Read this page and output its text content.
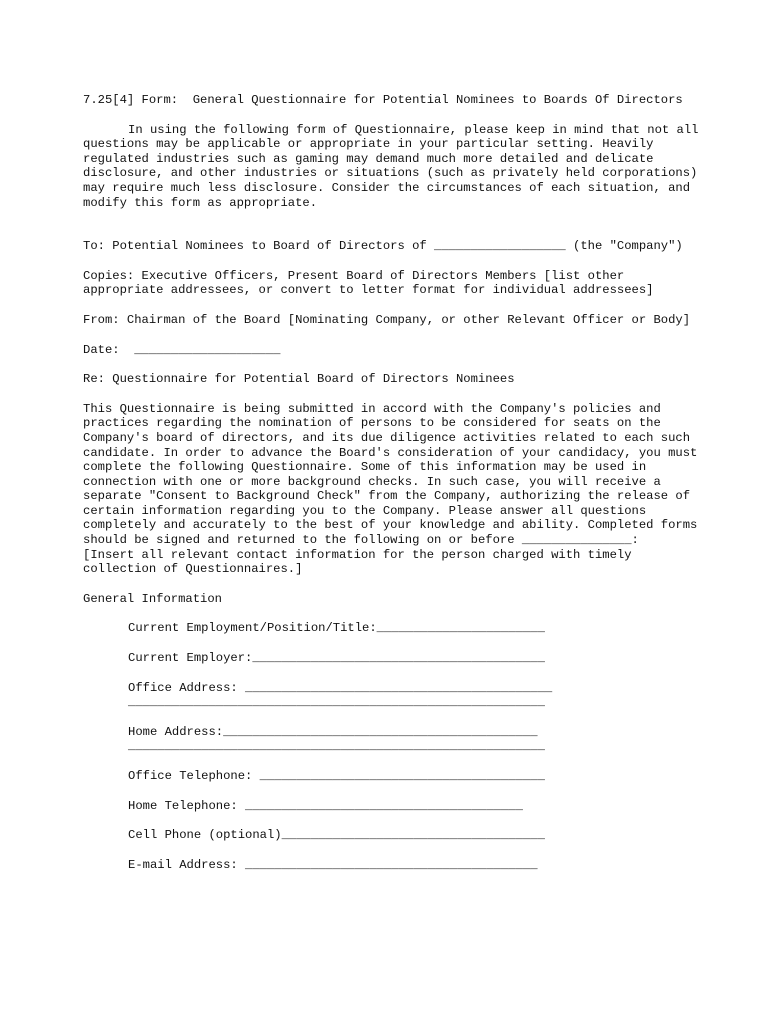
7.25[4] Form:  General Questionnaire for Potential Nominees to Boards Of Directors

In using the following form of Questionnaire, please keep in mind that not all questions may be applicable or appropriate in your particular setting. Heavily regulated industries such as gaming may demand much more detailed and delicate disclosure, and other industries or situations (such as privately held corporations) may require much less disclosure. Consider the circumstances of each situation, and modify this form as appropriate.

To: Potential Nominees to Board of Directors of __________________ (the "Company")

Copies: Executive Officers, Present Board of Directors Members [list other appropriate addressees, or convert to letter format for individual addressees]

From: Chairman of the Board [Nominating Company, or other Relevant Officer or Body]

Date:  ____________________

Re: Questionnaire for Potential Board of Directors Nominees

This Questionnaire is being submitted in accord with the Company's policies and practices regarding the nomination of persons to be considered for seats on the Company's board of directors, and its due diligence activities related to each such candidate. In order to advance the Board's consideration of your candidacy, you must complete the following Questionnaire. Some of this information may be used in connection with one or more background checks. In such case, you will receive a separate "Consent to Background Check" from the Company, authorizing the release of certain information regarding you to the Company. Please answer all questions completely and accurately to the best of your knowledge and ability. Completed forms should be signed and returned to the following on or before _______________:

[Insert all relevant contact information for the person charged with timely collection of Questionnaires.]

General Information

Current Employment/Position/Title:_______________________

Current Employer:________________________________________

Office Address: __________________________________________

_________________________________________________________

Home Address:___________________________________________

_________________________________________________________

Office Telephone: _______________________________________

Home Telephone: ______________________________________

Cell Phone (optional)____________________________________

E-mail Address: ________________________________________
